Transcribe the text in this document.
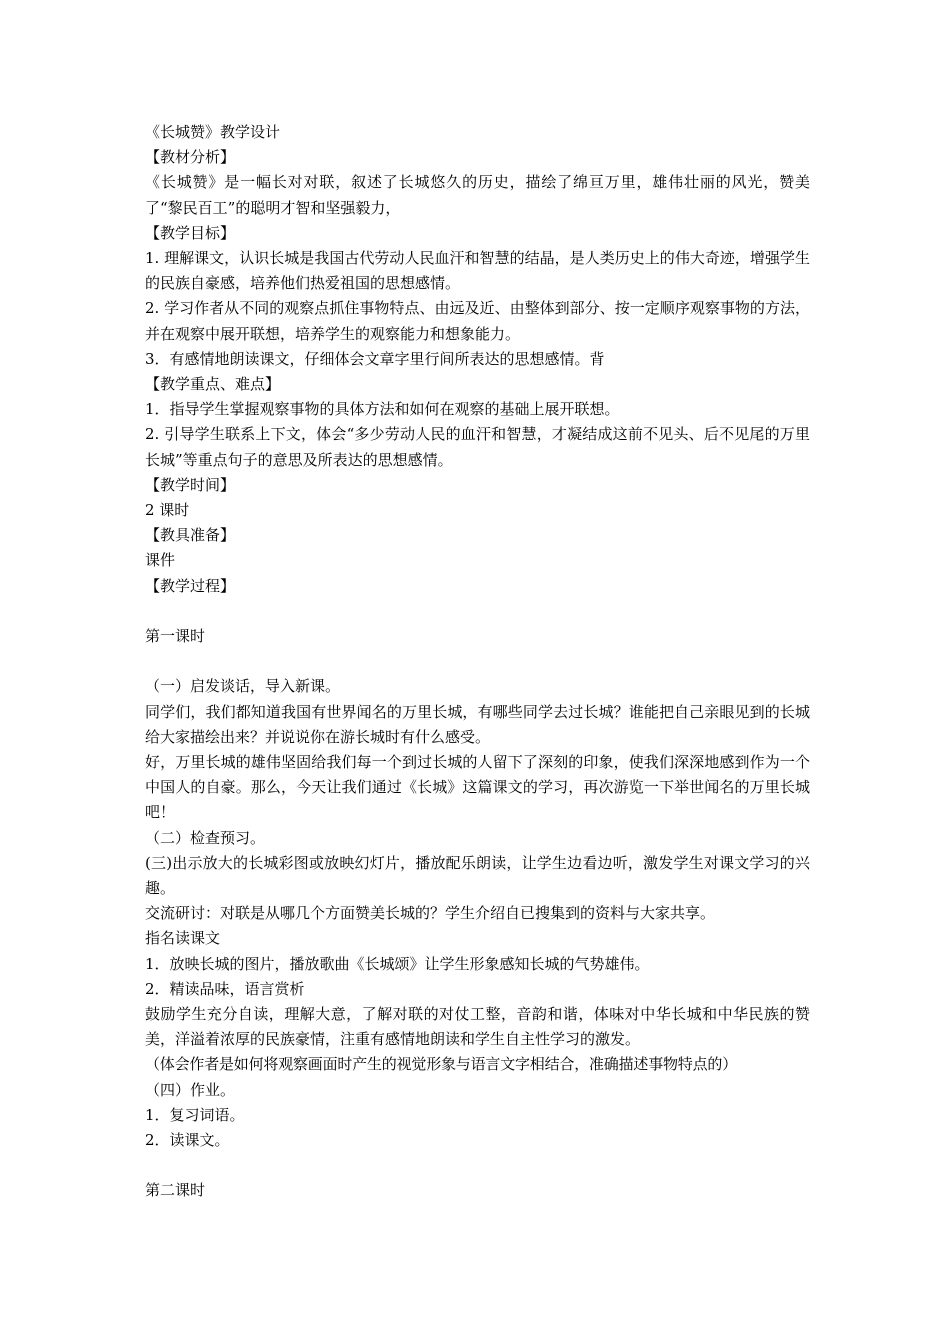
《长城赞》教学设计

【教材分析】

《长城赞》是一幅长对对联，叙述了长城悠久的历史，描绘了绵亘万里，雄伟壮丽的风光，赞美了“黎民百工”的聪明才智和坚强毅力，

【教学目标】

1. 理解课文，认识长城是我国古代劳动人民血汗和智慧的结晶，是人类历史上的伟大奇迹，增强学生的民族自豪感，培养他们热爱祖国的思想感情。

2. 学习作者从不同的观察点抓住事物特点、由远及近、由整体到部分、按一定顺序观察事物的方法，并在观察中展开联想，培养学生的观察能力和想象能力。

3．有感情地朗读课文，仔细体会文章字里行间所表达的思想感情。背

【教学重点、难点】

1．指导学生掌握观察事物的具体方法和如何在观察的基础上展开联想。

2. 引导学生联系上下文，体会“多少劳动人民的血汗和智慧，才凝结成这前不见头、后不见尾的万里长城”等重点句子的意思及所表达的思想感情。

【教学时间】

2 课时

【教具准备】

课件

【教学过程】

第一课时

（一）启发谈话，导入新课。

同学们，我们都知道我国有世界闻名的万里长城，有哪些同学去过长城？谁能把自己亲眼见到的长城给大家描绘出来？并说说你在游长城时有什么感受。

好，万里长城的雄伟坚固给我们每一个到过长城的人留下了深刻的印象，使我们深深地感到作为一个中国人的自豪。那么，今天让我们通过《长城》这篇课文的学习，再次游览一下举世闻名的万里长城吧！

（二）检查预习。

(三)出示放大的长城彩图或放映幻灯片，播放配乐朗读，让学生边看边听，激发学生对课文学习的兴趣。

交流研讨：对联是从哪几个方面赞美长城的？学生介绍自已搜集到的资料与大家共享。

指名读课文

1．放映长城的图片，播放歌曲《长城颂》让学生形象感知长城的气势雄伟。

2．精读品味，语言赏析

鼓励学生充分自读，理解大意，了解对联的对仗工整，音韵和谐，体味对中华长城和中华民族的赞美，洋溢着浓厚的民族豪情，注重有感情地朗读和学生自主性学习的激发。

（体会作者是如何将观察画面时产生的视觉形象与语言文字相结合，准确描述事物特点的）

（四）作业。

1．复习词语。

2．读课文。

第二课时
